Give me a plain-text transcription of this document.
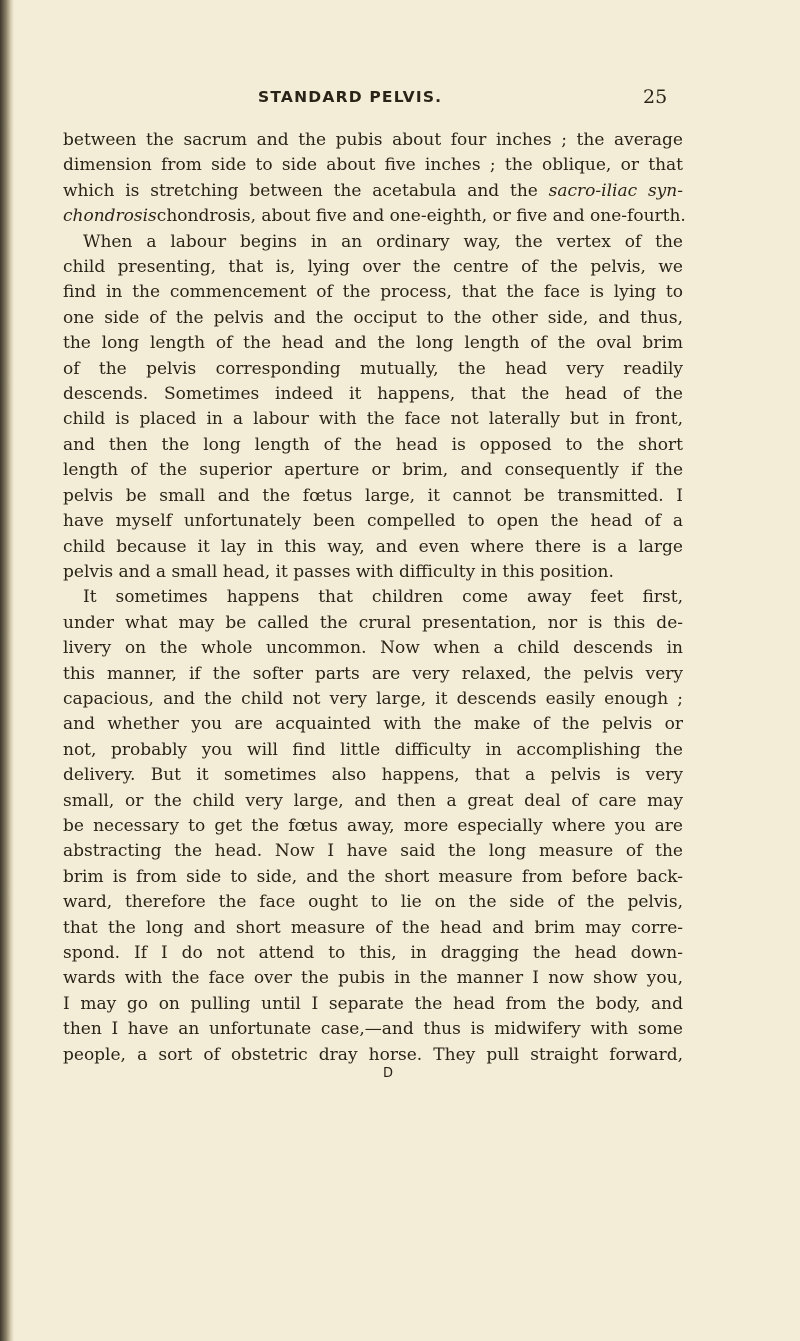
STANDARD PELVIS.	25
between the sacrum and the pubis about four inches ; the average
dimension from side to side about five inches ; the oblique, or that
which is stretching between the acetabula and the sacro-iliac syn-
chondrosischondrosis, about five and one-eighth, or five and one-fourth.
When a labour begins in an ordinary way, the vertex of the
child presenting, that is, lying over the centre of the pelvis, we
find in the commencement of the process, that the face is lying to
one side of the pelvis and the occiput to the other side, and thus,
the long length of the head and the long length of the oval brim
of the pelvis corresponding mutually, the head very readily
descends. Sometimes indeed it happens, that the head of the
child is placed in a labour with the face not laterally but in front,
and then the long length of the head is opposed to the short
length of the superior aperture or brim, and consequently if the
pelvis be small and the fœtus large, it cannot be transmitted. I
have myself unfortunately been compelled to open the head of a
child because it lay in this way, and even where there is a large
pelvis and a small head, it passes with difficulty in this position.
It sometimes happens that children come away feet first,
under what may be called the crural presentation, nor is this de-
livery on the whole uncommon. Now when a child descends in
this manner, if the softer parts are very relaxed, the pelvis very
capacious, and the child not very large, it descends easily enough ;
and whether you are acquainted with the make of the pelvis or
not, probably you will find little difficulty in accomplishing the
delivery. But it sometimes also happens, that a pelvis is very
small, or the child very large, and then a great deal of care may
be necessary to get the fœtus away, more especially where you are
abstracting the head. Now I have said the long measure of the
brim is from side to side, and the short measure from before back-
ward, therefore the face ought to lie on the side of the pelvis,
that the long and short measure of the head and brim may corre-
spond. If I do not attend to this, in dragging the head down-
wards with the face over the pubis in the manner I now show you,
I may go on pulling until I separate the head from the body, and
then I have an unfortunate case,—and thus is midwifery with some
people, a sort of obstetric dray horse. They pull straight forward,
D
